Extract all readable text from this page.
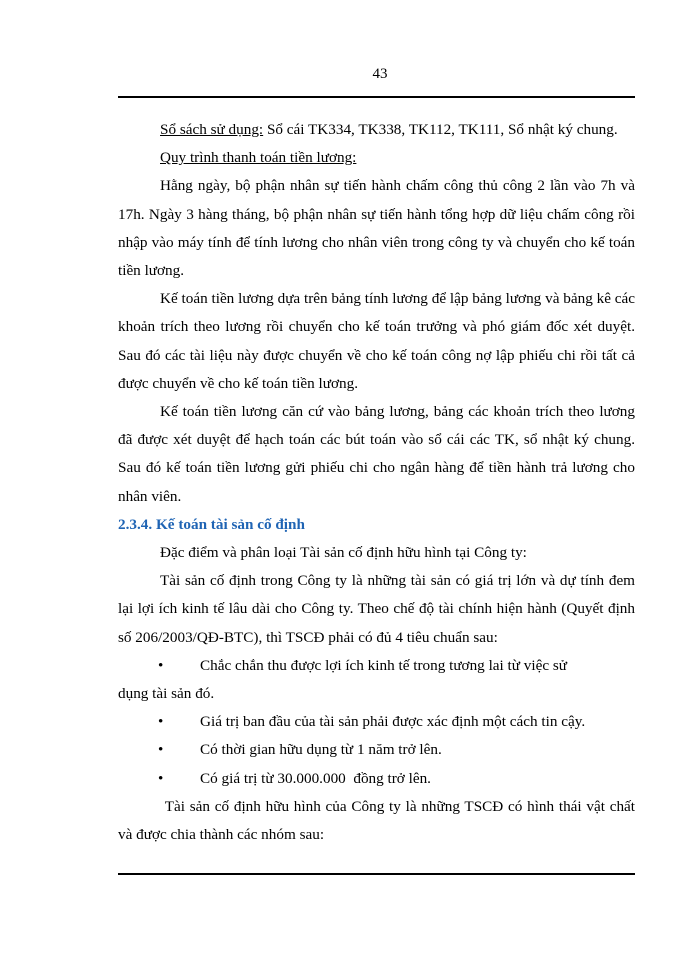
43

Sổ sách sử dụng: Sổ cái TK334, TK338, TK112, TK111, Sổ nhật ký chung.

Quy trình thanh toán tiền lương:

Hằng ngày, bộ phận nhân sự tiến hành chấm công thủ công 2 lần vào 7h và 17h. Ngày 3 hàng tháng, bộ phận nhân sự tiến hành tổng hợp dữ liệu chấm công rồi nhập vào máy tính để tính lương cho nhân viên trong công ty và chuyển cho kế toán tiền lương.

Kế toán tiền lương dựa trên bảng tính lương để lập bảng lương và bảng kê các khoản trích theo lương rồi chuyển cho kế toán trưởng và phó giám đốc xét duyệt. Sau đó các tài liệu này được chuyển về cho kế toán công nợ lập phiếu chi rồi tất cả được chuyển về cho kế toán tiền lương.

Kế toán tiền lương căn cứ vào bảng lương, bảng các khoản trích theo lương đã được xét duyệt để hạch toán các bút toán vào sổ cái các TK, sổ nhật ký chung. Sau đó kế toán tiền lương gửi phiếu chi cho ngân hàng để tiền hành trả lương cho nhân viên.

2.3.4. Kế toán tài sản cố định

Đặc điểm và phân loại Tài sản cố định hữu hình tại Công ty:

Tài sản cố định trong Công ty là những tài sản có giá trị lớn và dự tính đem lại lợi ích kinh tế lâu dài cho Công ty. Theo chế độ tài chính hiện hành (Quyết định số 206/2003/QĐ-BTC), thì TSCĐ phải có đủ 4 tiêu chuẩn sau:

•	Chắc chắn thu được lợi ích kinh tế trong tương lai từ việc sử
dụng tài sản đó.
•	Giá trị ban đầu của tài sản phải được xác định một cách tin cậy.
•	Có thời gian hữu dụng từ 1 năm trở lên.
•	Có giá trị từ 30.000.000  đồng trở lên.

Tài sản cố định hữu hình của Công ty là những TSCĐ có hình thái vật chất và được chia thành các nhóm sau:
